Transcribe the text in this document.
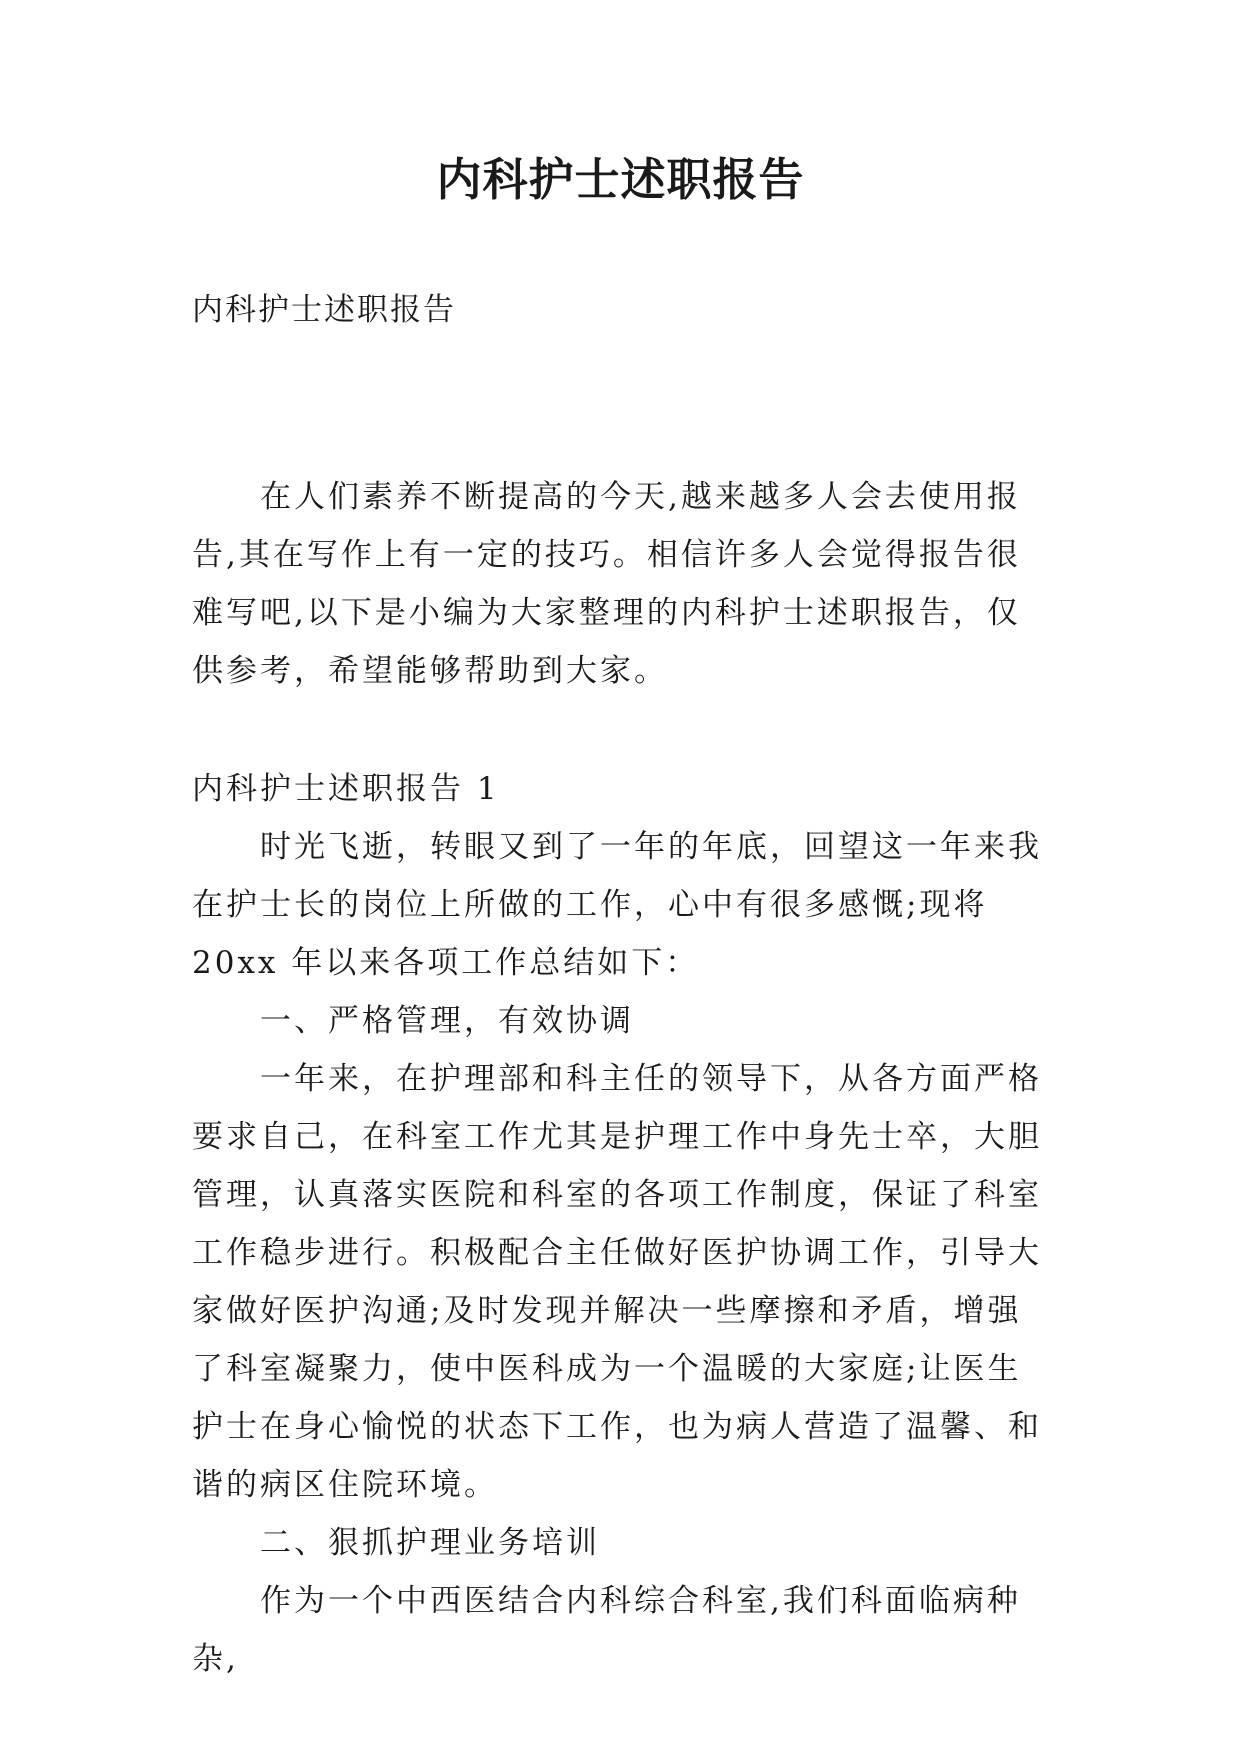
内科护士述职报告
内科护士述职报告

在人们素养不断提高的今天,越来越多人会去使用报告,其在写作上有一定的技巧。相信许多人会觉得报告很难写吧,以下是小编为大家整理的内科护士述职报告，仅供参考，希望能够帮助到大家。

内科护士述职报告 1

时光飞逝，转眼又到了一年的年底，回望这一年来我在护士长的岗位上所做的工作，心中有很多感慨;现将 20xx 年以来各项工作总结如下：

一、严格管理，有效协调

一年来，在护理部和科主任的领导下，从各方面严格要求自己，在科室工作尤其是护理工作中身先士卒，大胆管理，认真落实医院和科室的各项工作制度，保证了科室工作稳步进行。积极配合主任做好医护协调工作，引导大家做好医护沟通;及时发现并解决一些摩擦和矛盾，增强了科室凝聚力，使中医科成为一个温暖的大家庭;让医生护士在身心愉悦的状态下工作，也为病人营造了温馨、和谐的病区住院环境。

二、狠抓护理业务培训

作为一个中西医结合内科综合科室,我们科面临病种杂,
